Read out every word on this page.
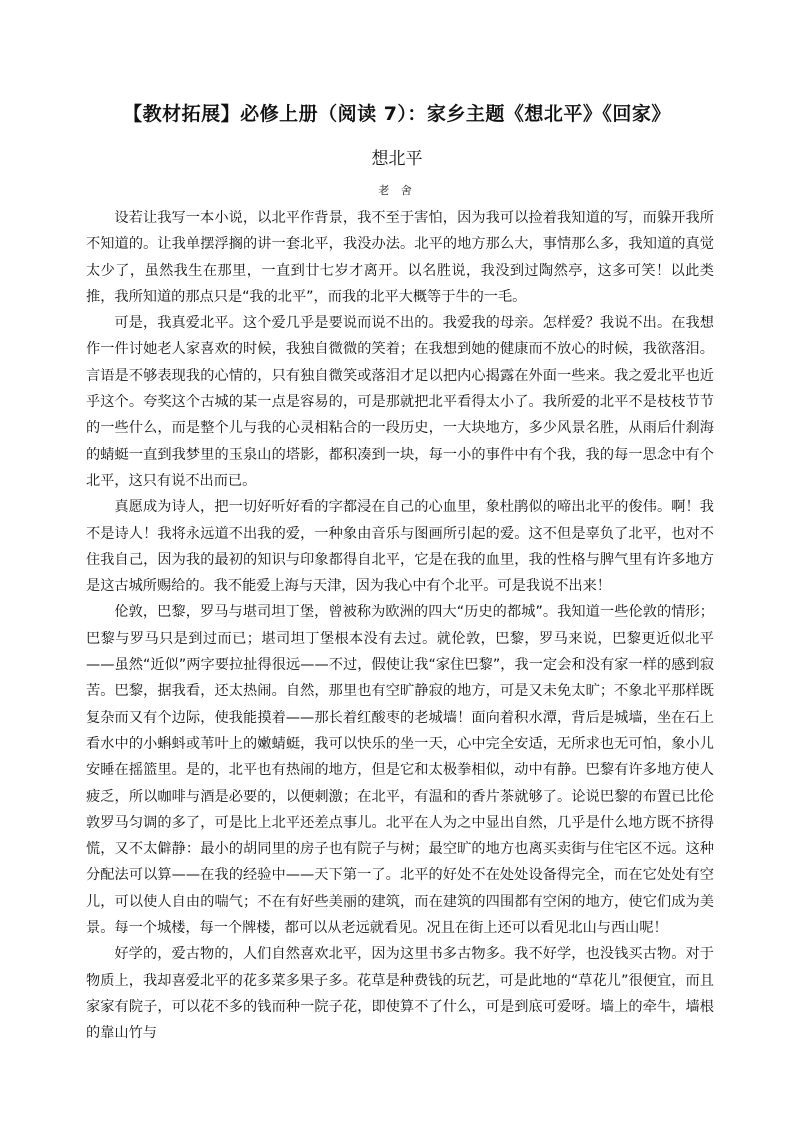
【教材拓展】必修上册（阅读 7）：家乡主题《想北平》《回家》
想北平
老 舍

设若让我写一本小说，以北平作背景，我不至于害怕，因为我可以捡着我知道的写，而躲开我所不知道的。让我单摆浮搁的讲一套北平，我没办法。北平的地方那么大，事情那么多，我知道的真觉太少了，虽然我生在那里，一直到廿七岁才离开。以名胜说，我没到过陶然亭，这多可笑！以此类推，我所知道的那点只是“我的北平”，而我的北平大概等于牛的一毛。

可是，我真爱北平。这个爱几乎是要说而说不出的。我爱我的母亲。怎样爱？我说不出。在我想作一件讨她老人家喜欢的时候，我独自微微的笑着；在我想到她的健康而不放心的时候，我欲落泪。言语是不够表现我的心情的，只有独自微笑或落泪才足以把内心揭露在外面一些来。我之爱北平也近乎这个。夸奖这个古城的某一点是容易的，可是那就把北平看得太小了。我所爱的北平不是枝枝节节的一些什么，而是整个儿与我的心灵相粘合的一段历史，一大块地方，多少风景名胜，从雨后什刹海的蜻蜓一直到我梦里的玉泉山的塔影，都积凑到一块，每一小的事件中有个我，我的每一思念中有个北平，这只有说不出而已。

真愿成为诗人，把一切好听好看的字都浸在自己的心血里，象杜鹃似的啼出北平的俊伟。啊！我不是诗人！我将永远道不出我的爱，一种象由音乐与图画所引起的爱。这不但是辜负了北平，也对不住我自己，因为我的最初的知识与印象都得自北平，它是在我的血里，我的性格与脾气里有许多地方是这古城所赐给的。我不能爱上海与天津，因为我心中有个北平。可是我说不出来！

伦敦，巴黎，罗马与堪司坦丁堡，曾被称为欧洲的四大“历史的都城”。我知道一些伦敦的情形；巴黎与罗马只是到过而已；堪司坦丁堡根本没有去过。就伦敦，巴黎，罗马来说，巴黎更近似北平——虽然“近似”两字要拉扯得很远——不过，假使让我“家住巴黎”，我一定会和没有家一样的感到寂苦。巴黎，据我看，还太热闹。自然，那里也有空旷静寂的地方，可是又未免太旷；不象北平那样既复杂而又有个边际，使我能摸着——那长着红酸枣的老城墙！面向着积水潭，背后是城墙，坐在石上看水中的小蝌蚪或苇叶上的嫩蜻蜓，我可以快乐的坐一天，心中完全安适，无所求也无可怕，象小儿安睡在摇篮里。是的，北平也有热闹的地方，但是它和太极拳相似，动中有静。巴黎有许多地方使人疲乏，所以咖啡与酒是必要的，以便刺激；在北平，有温和的香片茶就够了。论说巴黎的布置已比伦敦罗马匀调的多了，可是比上北平还差点事儿。北平在人为之中显出自然，几乎是什么地方既不挤得慌，又不太僻静：最小的胡同里的房子也有院子与树；最空旷的地方也离买卖街与住宅区不远。这种分配法可以算——在我的经验中——天下第一了。北平的好处不在处处设备得完全，而在它处处有空儿，可以使人自由的喘气；不在有好些美丽的建筑，而在建筑的四围都有空闲的地方，使它们成为美景。每一个城楼，每一个牌楼，都可以从老远就看见。况且在街上还可以看见北山与西山呢！

好学的，爱古物的，人们自然喜欢北平，因为这里书多古物多。我不好学，也没钱买古物。对于物质上，我却喜爱北平的花多菜多果子多。花草是种费钱的玩艺，可是此地的“草花儿”很便宜，而且家家有院子，可以花不多的钱而种一院子花，即使算不了什么，可是到底可爱呀。墙上的牵牛，墙根的靠山竹与
